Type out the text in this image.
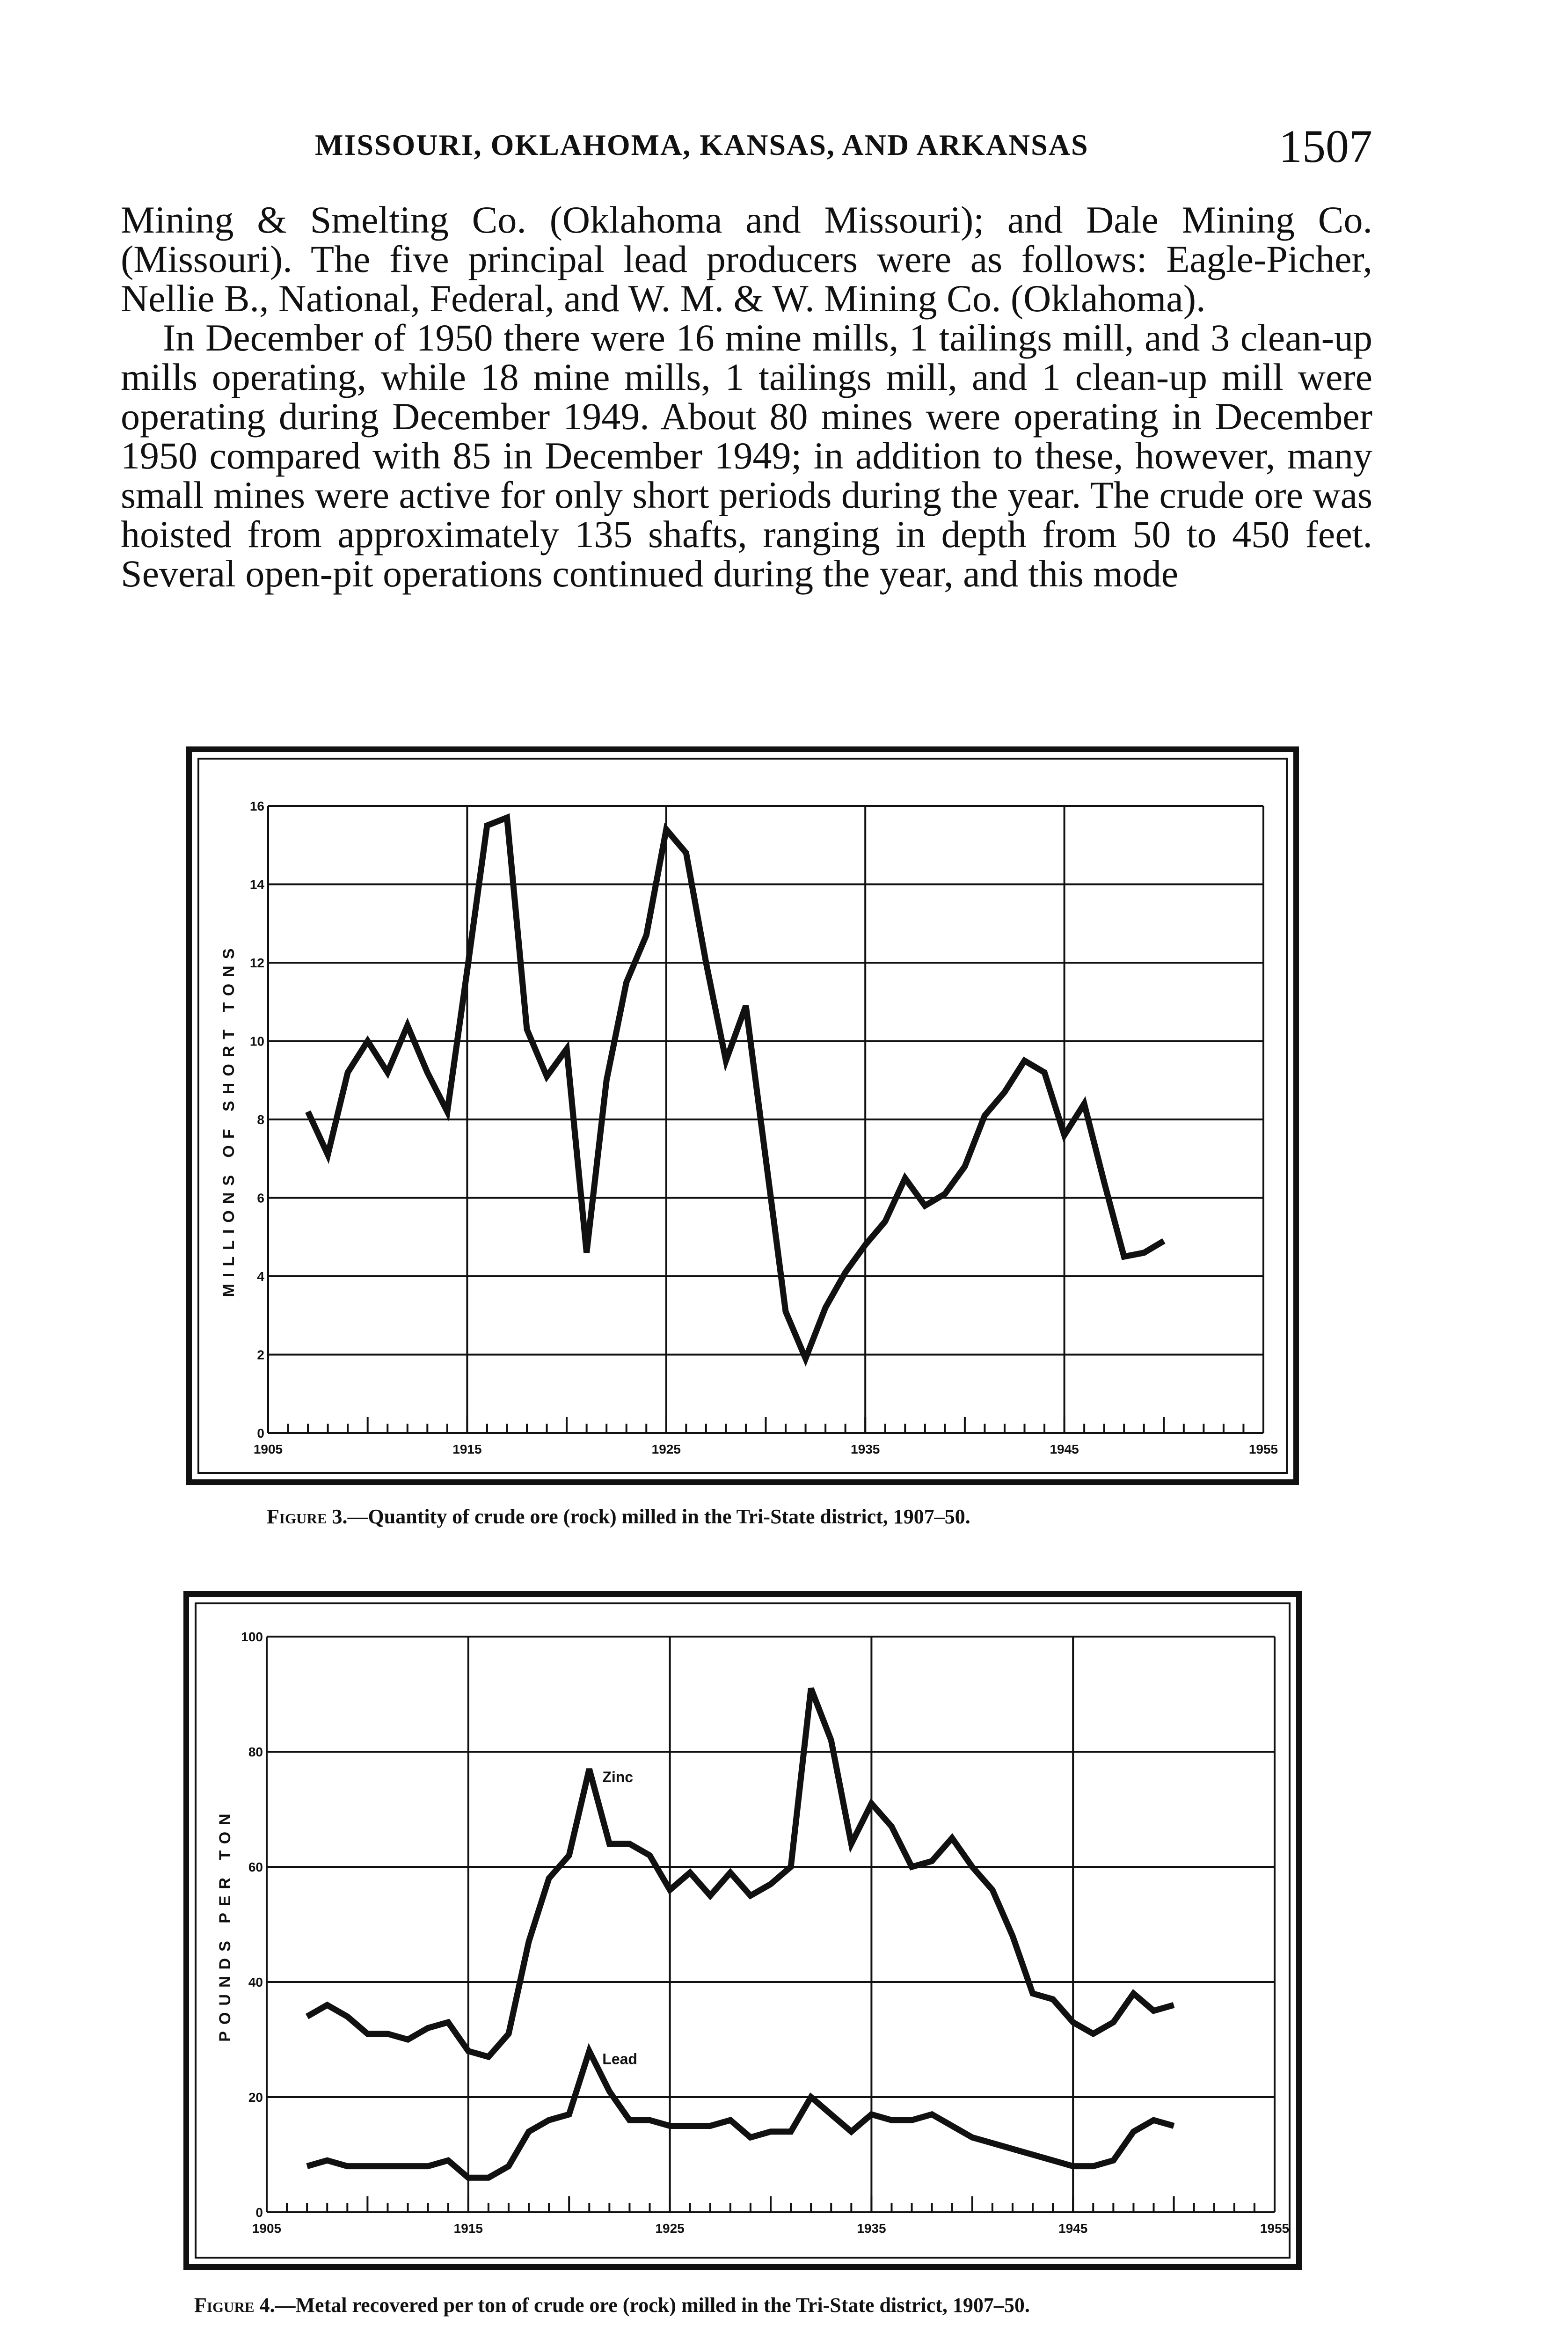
MISSOURI, OKLAHOMA, KANSAS, AND ARKANSAS	1507

Mining & Smelting Co. (Oklahoma and Missouri); and Dale Mining Co. (Missouri). The five principal lead producers were as follows: Eagle-Picher, Nellie B., National, Federal, and W. M. & W. Mining Co. (Oklahoma).

In December of 1950 there were 16 mine mills, 1 tailings mill, and 3 clean-up mills operating, while 18 mine mills, 1 tailings mill, and 1 clean-up mill were operating during December 1949. About 80 mines were operating in December 1950 compared with 85 in December 1949; in addition to these, however, many small mines were active for only short periods during the year. The crude ore was hoisted from approximately 135 shafts, ranging in depth from 50 to 450 feet. Several open-pit operations continued during the year, and this mode

1905	1915	1925	1935	1945	1955
0
2
4
6
8
10
12
14
16
MILLIONS OF SHORT TONS
Figure 3.—Quantity of crude ore (rock) milled in the Tri-State district, 1907–50.
1905	1915	1925	1935	1945	1955
0
20
40
60
80
100
POUNDS PER TON
Zinc
Lead
Figure 4.—Metal recovered per ton of crude ore (rock) milled in the Tri-State district, 1907–50.
